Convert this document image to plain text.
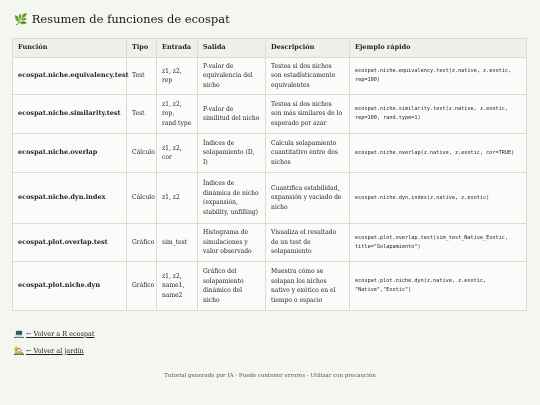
🌿 Resumen de funciones de ecospat
Función	Tipo	Entrada	Salida	Descripción	Ejemplo rápido
ecospat.niche.equivalency.test	Test	z1, z2, rep	P-valor de equivalencia del nicho	Testea si dos nichos son estadísticamente equivalentes	ecospat.niche.equivalency.test(z.native, z.exotic, rep=100)
ecospat.niche.similarity.test	Test	z1, z2, rep, rand.type	P-valor de similitud del nicho	Testea si dos nichos son más similares de lo esperado por azar	ecospat.niche.similarity.test(z.native, z.exotic, rep=100, rand.type=1)
ecospat.niche.overlap	Cálculo	z1, z2, cor	Índices de solapamiento (D, I)	Calcula solapamiento cuantitativo entre dos nichos	ecospat.niche.overlap(z.native, z.exotic, cor=TRUE)
ecospat.niche.dyn.index	Cálculo	z1, z2	Índices de dinámica de nicho (expansión, stability, unfilling)	Cuantifica estabilidad, expansión y vaciado de nicho	ecospat.niche.dyn.index(z.native, z.exotic)
ecospat.plot.overlap.test	Gráfico	sim_test	Histograma de simulaciones y valor observado	Visualiza el resultado de un test de solapamiento	ecospat.plot.overlap.test(sim_test_Native_Exotic, title="Solapamiento")
ecospat.plot.niche.dyn	Gráfico	z1, z2, name1, name2	Gráfico del solapamiento dinámico del nicho	Muestra cómo se solapan los nichos nativo y exótico en el tiempo o espacio	ecospat.plot.niche.dyn(z.native, z.exotic, "Native","Exotic")
💻 ← Volver a R ecospat
🏡 ← Volver al jardín
Tutorial generado por IA - Puede contener errores - Utilizar con precaución
